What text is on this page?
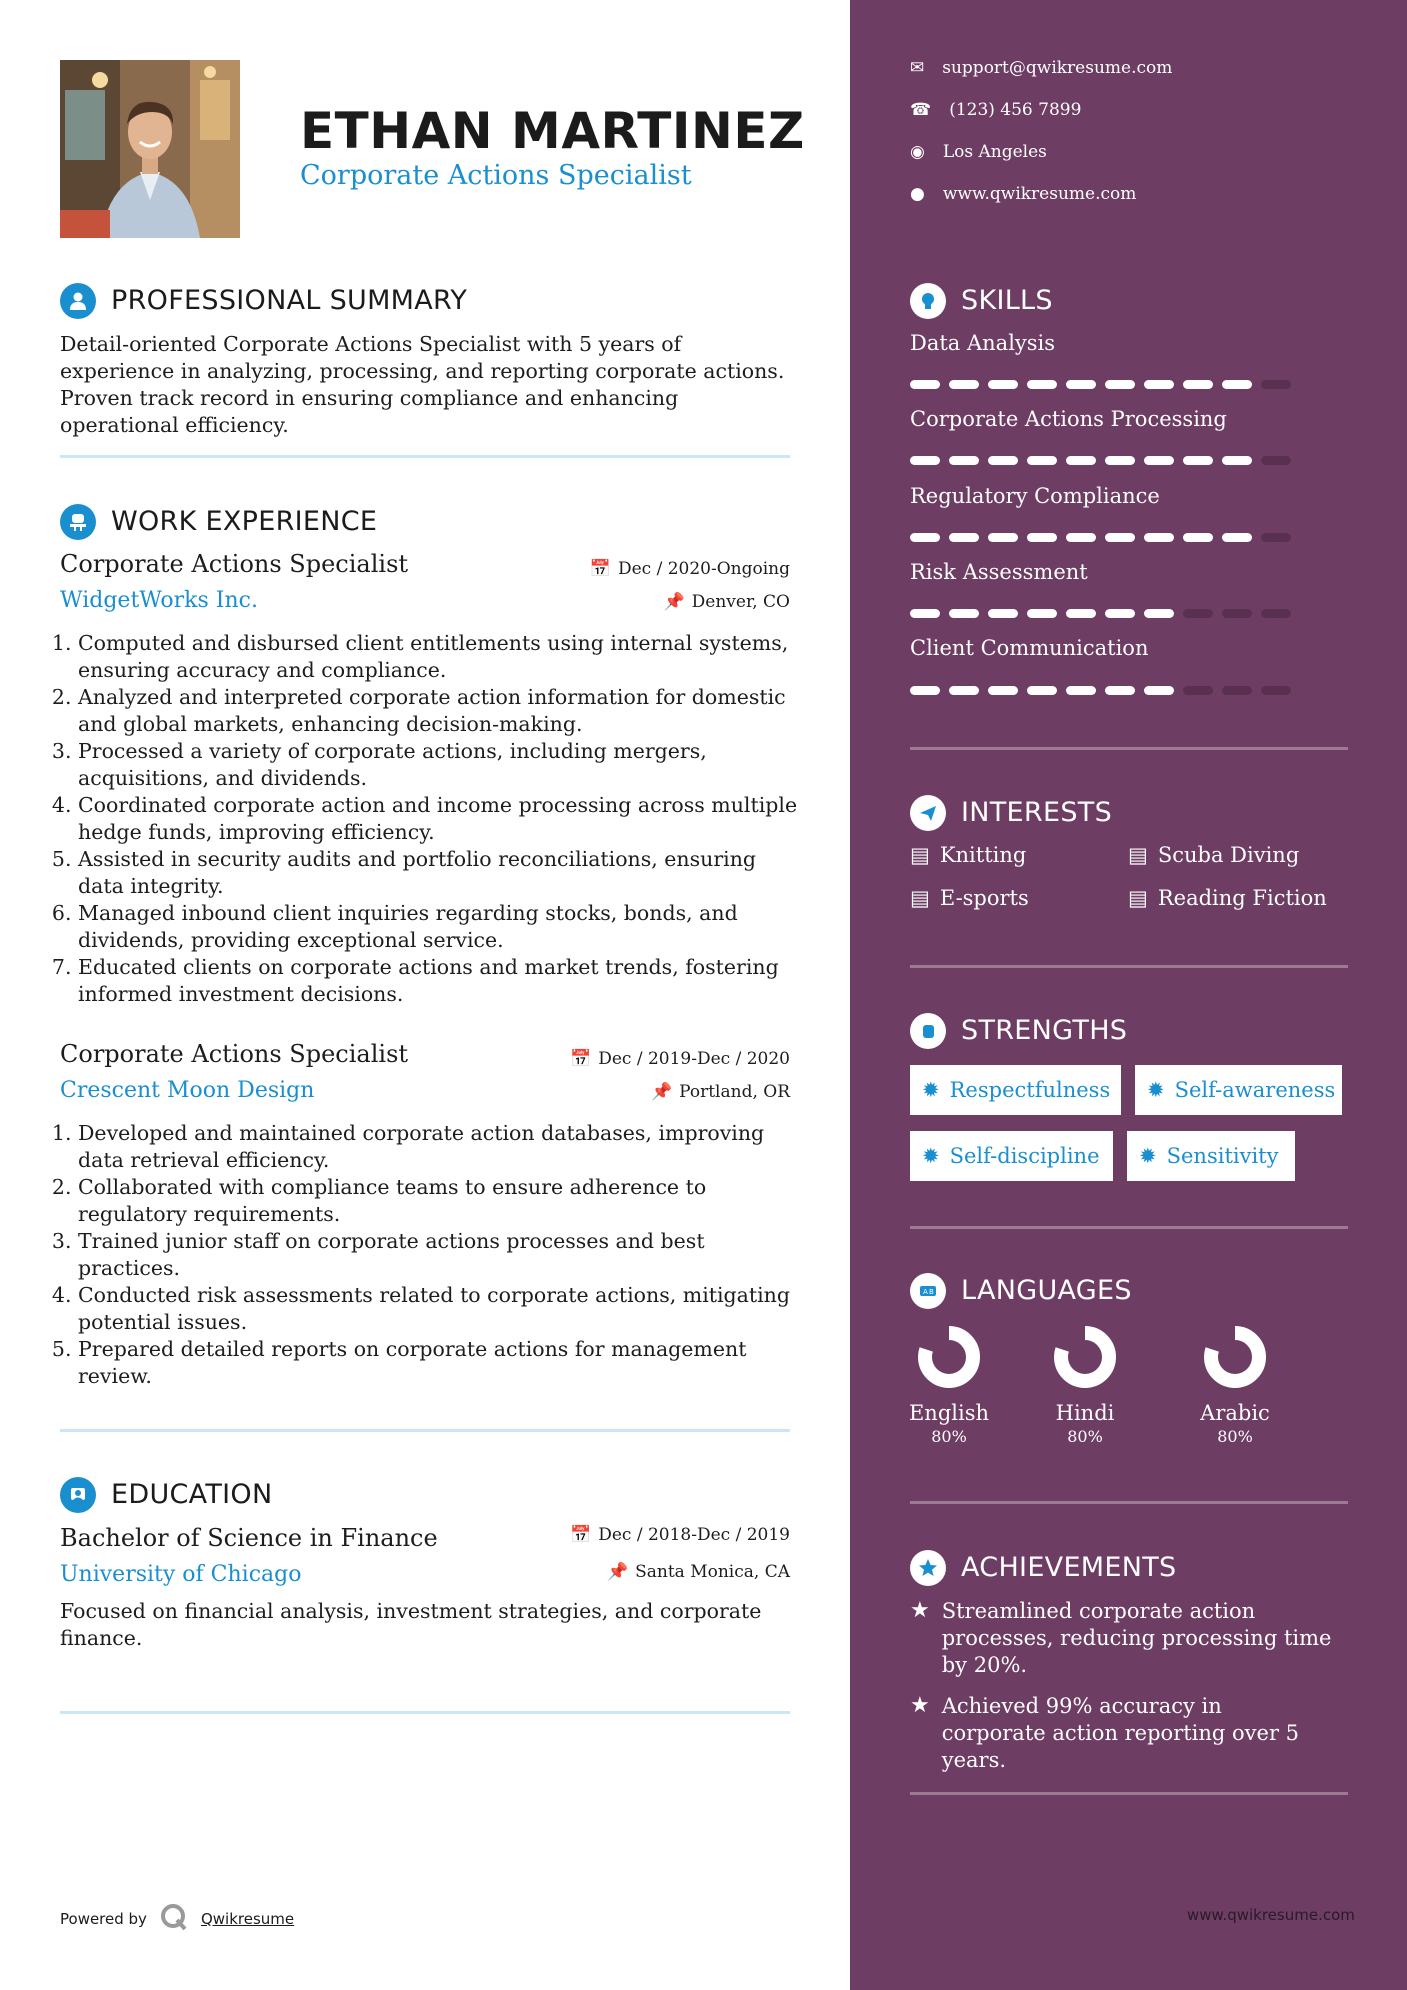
ETHAN MARTINEZ
Corporate Actions Specialist
PROFESSIONAL SUMMARY
Detail-oriented Corporate Actions Specialist with 5 years of experience in analyzing, processing, and reporting corporate actions. Proven track record in ensuring compliance and enhancing operational efficiency.
WORK EXPERIENCE
Corporate Actions Specialist
WidgetWorks Inc.
📅 Dec / 2020-Ongoing
📌 Denver, CO
1. Computed and disbursed client entitlements using internal systems, ensuring accuracy and compliance.
2. Analyzed and interpreted corporate action information for domestic and global markets, enhancing decision-making.
3. Processed a variety of corporate actions, including mergers, acquisitions, and dividends.
4. Coordinated corporate action and income processing across multiple hedge funds, improving efficiency.
5. Assisted in security audits and portfolio reconciliations, ensuring data integrity.
6. Managed inbound client inquiries regarding stocks, bonds, and dividends, providing exceptional service.
7. Educated clients on corporate actions and market trends, fostering informed investment decisions.
Corporate Actions Specialist
Crescent Moon Design
📅 Dec / 2019-Dec / 2020
📌 Portland, OR
1. Developed and maintained corporate action databases, improving data retrieval efficiency.
2. Collaborated with compliance teams to ensure adherence to regulatory requirements.
3. Trained junior staff on corporate actions processes and best practices.
4. Conducted risk assessments related to corporate actions, mitigating potential issues.
5. Prepared detailed reports on corporate actions for management review.
EDUCATION
Bachelor of Science in Finance
University of Chicago
📅 Dec / 2018-Dec / 2019
📌 Santa Monica, CA
Focused on financial analysis, investment strategies, and corporate finance.
✉ support@qwikresume.com
☎ (123) 456 7899
◉ Los Angeles
● www.qwikresume.com
SKILLS
Data Analysis
Corporate Actions Processing
Regulatory Compliance
Risk Assessment
Client Communication
INTERESTS
▤ Knitting	▤ Scuba Diving
▤ E-sports	▤ Reading Fiction
STRENGTHS
✹ Respectfulness ✹ Self-awareness
✹ Self-discipline ✹ Sensitivity
A B LANGUAGES
English
80%
Hindi
80%
Arabic
80%
ACHIEVEMENTS
★ Streamlined corporate action processes, reducing processing time by 20%.
★ Achieved 99% accuracy in corporate action reporting over 5 years.
Powered by	Qwikresume	www.qwikresume.com
